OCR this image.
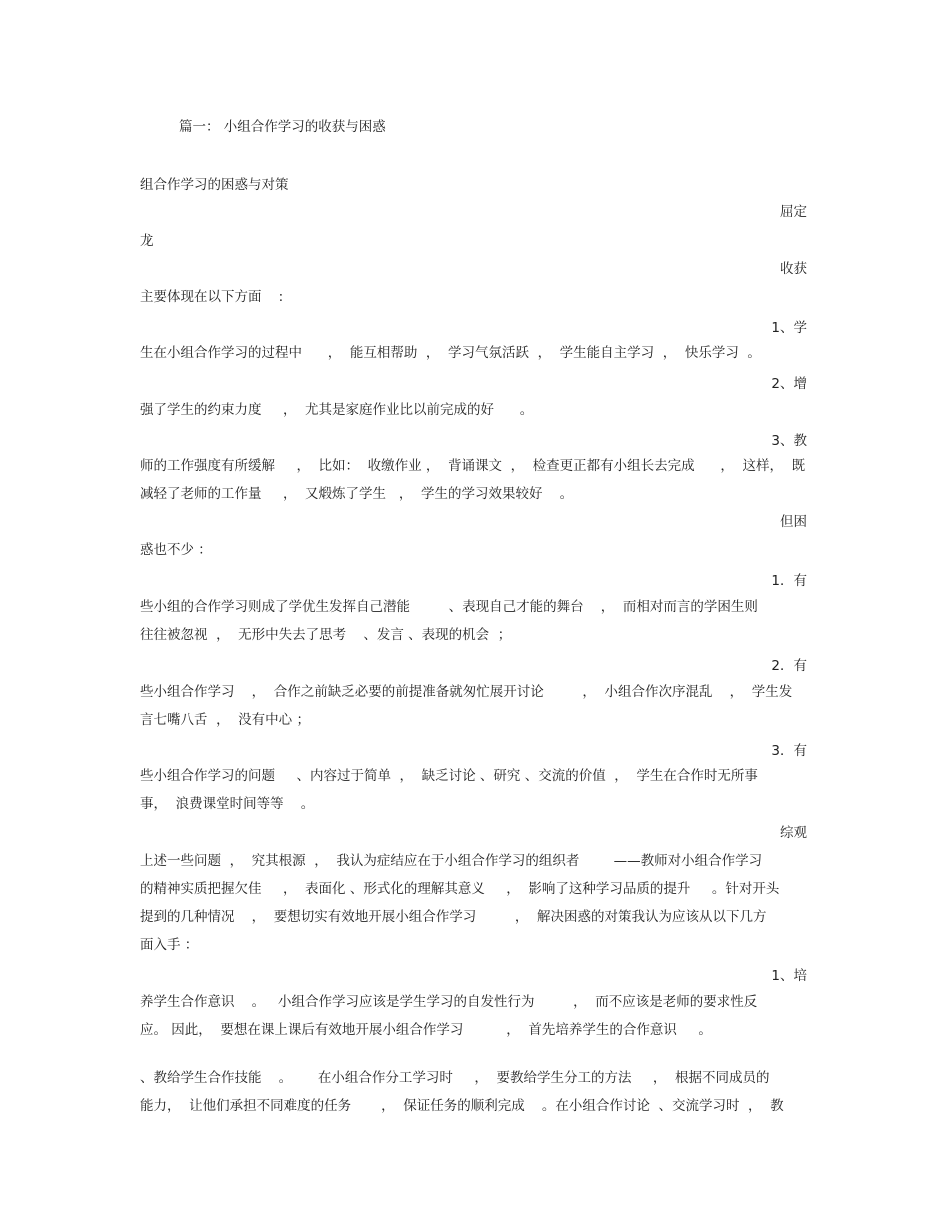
篇一： 小组合作学习的收获与困惑
组合作学习的困惑与对策
屈定
龙
收获
主要体现在以下方面    :
1、学
生在小组合作学习的过程中      ，  能互相帮助  ，  学习气氛活跃  ，  学生能自主学习  ，  快乐学习  。
2、增
强了学生的约束力度     ，  尤其是家庭作业比以前完成的好      。
3、教
师的工作强度有所缓解     ，  比如：  收缴作业 ，  背诵课文  ，  检查更正都有小组长去完成      ，  这样，  既
减轻了老师的工作量     ，  又煅炼了学生   ，  学生的学习效果较好    。
但困
惑也不少 ：
1．有
些小组的合作学习则成了学优生发挥自己潜能         、表现自己才能的舞台    ，  而相对而言的学困生则
往往被忽视  ，  无形中失去了思考    、发言 、表现的机会  ；
2．有
些小组合作学习    ，  合作之前缺乏必要的前提准备就匆忙展开讨论         ，  小组合作次序混乱    ，  学生发
言七嘴八舌  ，  没有中心 ；
3．有
些小组合作学习的问题     、内容过于简单  ，  缺乏讨论 、研究 、交流的价值  ，  学生在合作时无所事
事，  浪费课堂时间等等    。
综观
上述一些问题  ，  究其根源  ，  我认为症结应在于小组合作学习的组织者        ——教师对小组合作学习
的精神实质把握欠佳     ，  表面化 、形式化的理解其意义     ，  影响了这种学习品质的提升     。针对开头
提到的几种情况    ，  要想切实有效地开展小组合作学习         ，  解决困惑的对策我认为应该从以下几方
面入手 ：
1、培
养学生合作意识    。   小组合作学习应该是学生学习的自发性行为         ，  而不应该是老师的要求性反
应。 因此，  要想在课上课后有效地开展小组合作学习          ，  首先培养学生的合作意识     。
、教给学生合作技能    。      在小组合作分工学习时     ，  要教给学生分工的方法     ，  根据不同成员的
能力，  让他们承担不同难度的任务       ，  保证任务的顺利完成    。在小组合作讨论  、交流学习时  ，  教
